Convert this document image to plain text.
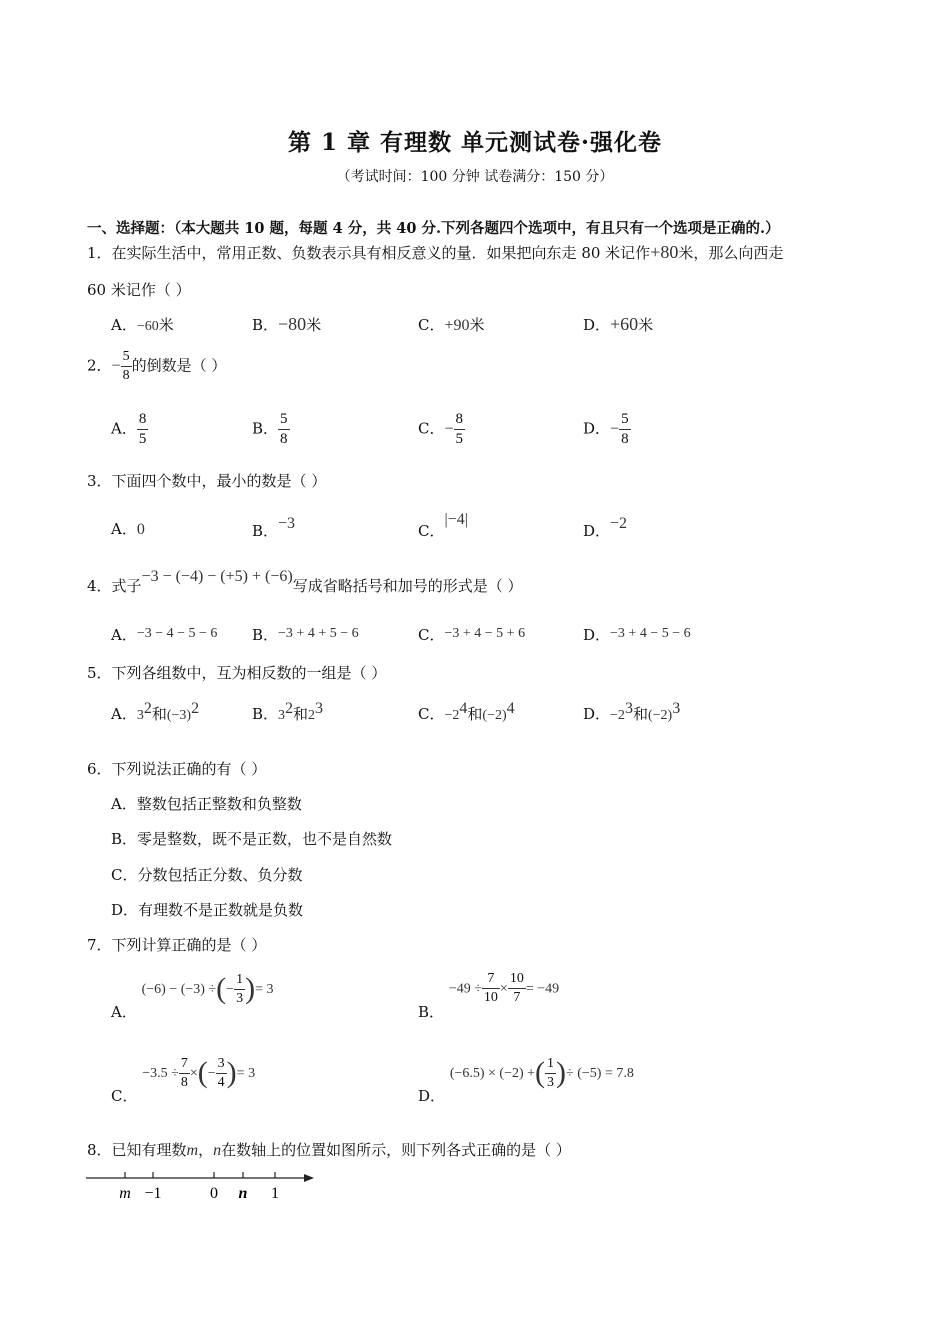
第 1 章 有理数 单元测试卷·强化卷
（考试时间：100 分钟 试卷满分：150 分）
一、选择题：（本大题共 10 题，每题 4 分，共 40 分.下列各题四个选项中，有且只有一个选项是正确的.）
1．在实际生活中，常用正数、负数表示具有相反意义的量．如果把向东走 80 米记作+80米，那么向西走
60 米记作（ ）
A．−60米	B．−80米	C．+90米	D．+60米
2．− $\frac{5}{8}$ 的倒数是（ ）
A． $\frac{8}{5}$	B． $\frac{5}{8}$	C．− $\frac{8}{5}$	D．− $\frac{5}{8}$
3．下面四个数中，最小的数是（ ）
A．0	B．−3	C．|−4|
D．−2
4．式子−3 − (−4) − (+5) + (−6)写成省略括号和加号的形式是（ ）
A．−3 − 4 − 5 − 6 B．−3 + 4 + 5 − 6	C．−3 + 4 − 5 + 6	D．−3 + 4 − 5 − 6
5．下列各组数中，互为相反数的一组是（ ）
A．$3^2$和$(-3)^2$	B．$3^2$和$2^3$	C．$-2^4$和$(-2)^4$	D．$-2^3$和$(-2)^3$
6．下列说法正确的有（ ）
A．整数包括正整数和负整数
B．零是整数，既不是正数，也不是自然数
C．分数包括正分数、负分数
D．有理数不是正数就是负数
7．下列计算正确的是（ ）
A． (−6) − (−3) ÷(− $\frac{1}{3}$ )= 3
B． $-49 \div \frac{7}{10} \times \frac{10}{7} = -49$
C． $-3.5 \div \frac{7}{8}$ ×(− $\frac{3}{4}$ )= 3
D． (−6.5) × (−2) +( $\frac{1}{3}$ )÷ (−5) = 7.8
8．已知有理数m，n在数轴上的位置如图所示，则下列各式正确的是（ ）
m −1	0 n 1
